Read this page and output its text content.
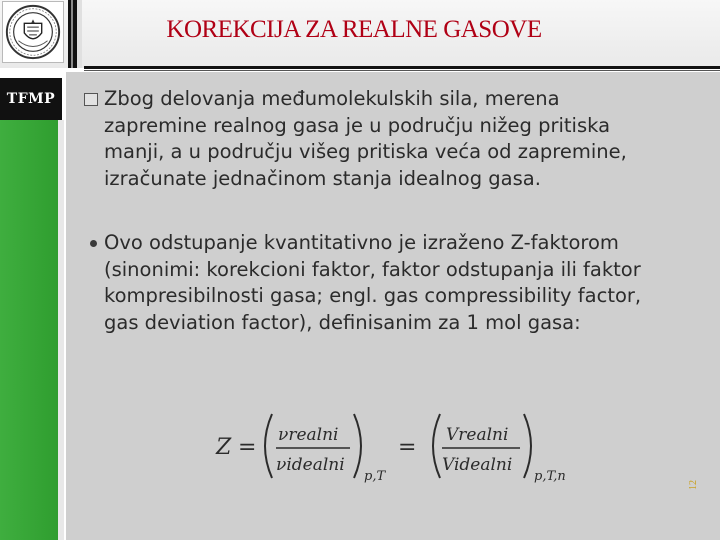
KOREKCIJA ZA REALNE GASOVE
TFMP	Zbog delovanja međumolekulskih sila, merena
zapremine realnog gasa je u području nižeg pritiska
manji, a u području višeg pritiska veća od zapremine,
izračunate jednačinom stanja idealnog gasa.
Ovo odstupanje kvantitativno je izraženo Z-faktorom
(sinonimi: korekcioni faktor, faktor odstupanja ili faktor
kompresibilnosti gasa; engl. gas compressibility factor,
gas deviation factor), definisanim za 1 mol gasa:
Z = νrealni
νidealni
p,T
= Vrealni
Videalni
p,T,n
12
